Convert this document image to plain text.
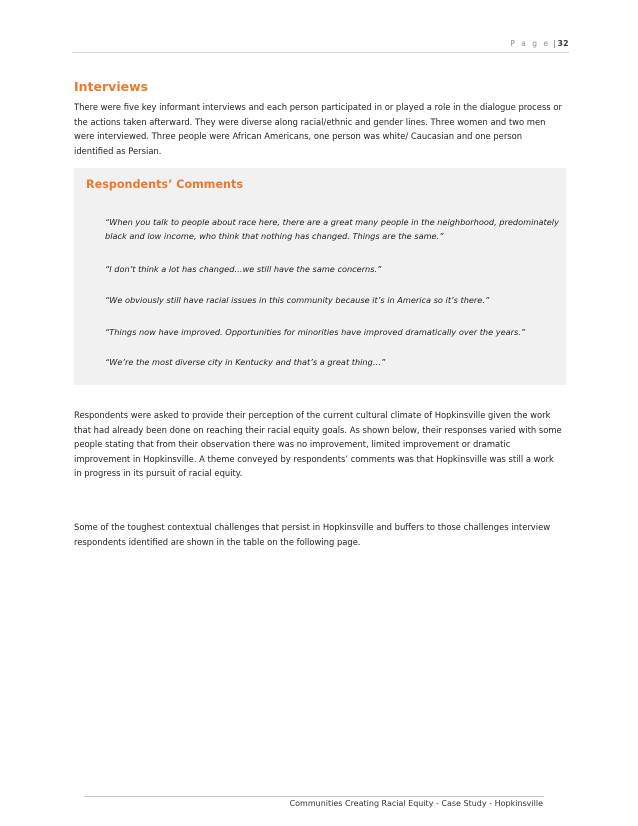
P a g e | 32
Interviews

There were five key informant interviews and each person participated in or played a role in the dialogue process or the actions taken afterward. They were diverse along racial/ethnic and gender lines. Three women and two men were interviewed. Three people were African Americans, one person was white/ Caucasian and one person identified as Persian.

Respondents’ Comments

“When you talk to people about race here, there are a great many people in the neighborhood, predominately black and low income, who think that nothing has changed. Things are the same.”

“I don’t think a lot has changed…we still have the same concerns.”

“We obviously still have racial issues in this community because it’s in America so it’s there.”

“Things now have improved. Opportunities for minorities have improved dramatically over the years.”

“We’re the most diverse city in Kentucky and that’s a great thing…”

Respondents were asked to provide their perception of the current cultural climate of Hopkinsville given the work that had already been done on reaching their racial equity goals. As shown below, their responses varied with some people stating that from their observation there was no improvement, limited improvement or dramatic improvement in Hopkinsville. A theme conveyed by respondents’ comments was that Hopkinsville was still a work in progress in its pursuit of racial equity.

Some of the toughest contextual challenges that persist in Hopkinsville and buffers to those challenges interview respondents identified are shown in the table on the following page.

Communities Creating Racial Equity - Case Study - Hopkinsville
